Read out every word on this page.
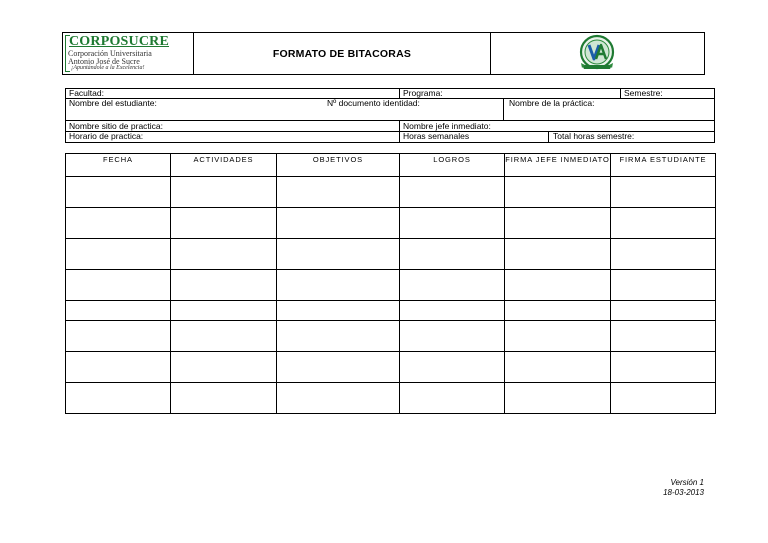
CORPOSUCRE
Corporación Universitaria
Antonio José de Sucre
¡Apuntándole a la Excelencia!
FORMATO DE BITACORAS
Facultad:	Programa:	Semestre:
Nombre del estudiante:	Nº documento identidad:	Nombre de la práctica:
Nombre sitio de practica:	Nombre jefe inmediato:
Horario de practica:	Horas semanales	Total horas semestre:
FECHA	ACTIVIDADES	OBJETIVOS	LOGROS	FIRMA JEFE INMEDIATO	FIRMA ESTUDIANTE

Versión 1
18-03-2013
